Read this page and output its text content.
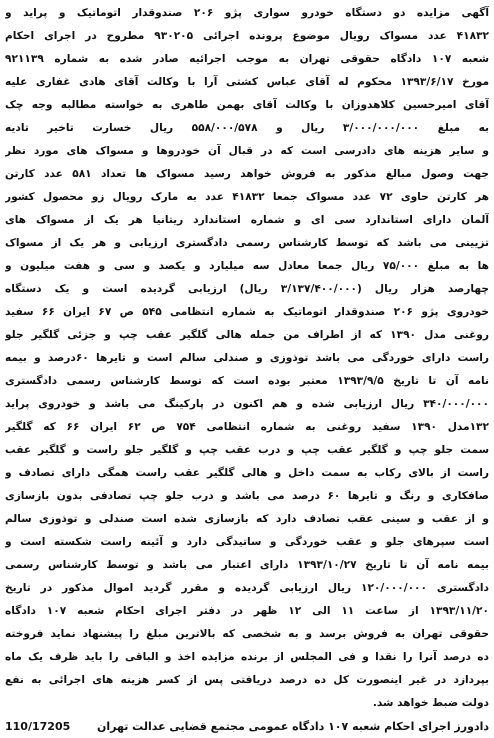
آگهی مزایده دو دستگاه خودرو سواری پژو ۲۰۶ صندوقدار اتوماتیک و پراید و
۴۱۸۳۲ عدد مسواک رویال موضوع پرونده اجرائی ۹۳۰۲۰۵ مطروح در اجرای احکام
شعبه ۱۰۷ دادگاه حقوقی تهران به موجب اجرائیه صادر شده به شماره ۹۲۱۱۳۹
مورخ ۱۳۹۳/۶/۱۷ محکوم له آقای عباس کشتی آرا با وکالت آقای هادی غفاری علیه
آقای امیرحسین کلاهدوزان با وکالت آقای بهمن طاهری به خواسته مطالبه وجه چک
به مبلغ ۳/۰۰۰/۰۰۰/۰۰۰ ریال و ۵۵۸/۰۰۰/۵۷۸ ریال خسارت تاخیر تادیه
و سایر هزینه های دادرسی است که در قبال آن خودروها و مسواک های مورد نظر
جهت وصول مبالغ مذکور به فروش خواهد رسید مسواک ها تعداد ۵۸۱ عدد کارتن
هر کارتن حاوی ۷۲ عدد مسواک جمعا ۴۱۸۳۲ عدد به مارک رویال زو محصول کشور
آلمان دارای استاندارد سی ای و شماره استاندارد ریتانیا هر یک از مسواک های
تزیینی می باشد که توسط کارشناس رسمی دادگستری ارزیابی و هر یک از مسواک
ها به مبلغ ۷۵/۰۰۰ ریال جمعا معادل سه میلیارد و یکصد و سی و هفت میلیون و
چهارصد هزار ریال (۳/۱۳۷/۴۰۰/۰۰۰ ریال) ارزیابی گردیده است و یک دستگاه
خودروی پژو ۲۰۶ صندوقدار اتوماتیک به شماره انتظامی ۵۴۵ ص ۶۷ ایران ۶۶ سفید
روغنی مدل ۱۳۹۰ که از اطراف من جمله هالی گلگیر عقب چپ و جزئی گلگیر جلو
راست دارای خوردگی می باشد توذوزی و صندلی سالم است و تایرها ۶۰درصد و بیمه
نامه آن تا تاریخ ۱۳۹۳/۹/۵ معتبر بوده است که توسط کارشناس رسمی دادگستری
۳۴۰/۰۰۰/۰۰۰ ریال ارزیابی شده و هم اکنون در پارکینگ می باشد و خودروی پراید
۱۳۲مدل ۱۳۹۰ سفید روغنی به شماره انتظامی ۷۵۴ ص ۶۲ ایران ۶۶ که گلگیر
سمت جلو چپ و گلگیر عقب چپ و درب عقب چپ و گلگیر جلو راست و گلگیر عقب
راست از بالای رکاب به سمت داخل و هالی گلگیر عقب راست همگی دارای تصادف و
صافکاری و رنگ و تایرها ۶۰ درصد می باشد و درب جلو چپ تصادفی بدون بازسازی
و از عقب و سینی عقب تصادف دارد که بازسازی شده است صندلی و توذوزی سالم
است سپرهای جلو و عقب خوردگی و ساتیدگی دارد و آئینه راست شکسته است و
بیمه نامه آن تا تاریخ ۱۳۹۳/۱۰/۲۷ دارای اعتبار می باشد و توسط کارشناس رسمی
دادگستری ۱۲۰/۰۰۰/۰۰۰ ریال ارزیابی گردیده و مقرر گردید اموال مذکور در تاریخ
۱۳۹۳/۱۱/۲۰ از ساعت ۱۱ الی ۱۲ ظهر در دفتر اجرای احکام شعبه ۱۰۷ دادگاه
حقوقی تهران به فروش برسد و به شخصی که بالاترین مبلغ را پیشنهاد نماید فروخته
ده درصد آنرا را نقدا و فی المجلس از برنده مزایده اخذ و الباقی را باید ظرف یک ماه
بپردازد در غیر اینصورت کل ده درصد دریافتی پس از کسر هزینه های اجرائی به نفع
دولت ضبط خواهد شد.
دادورز اجرای احکام شعبه ۱۰۷ دادگاه عمومی مجتمع قضایی عدالت تهران
110/17205
